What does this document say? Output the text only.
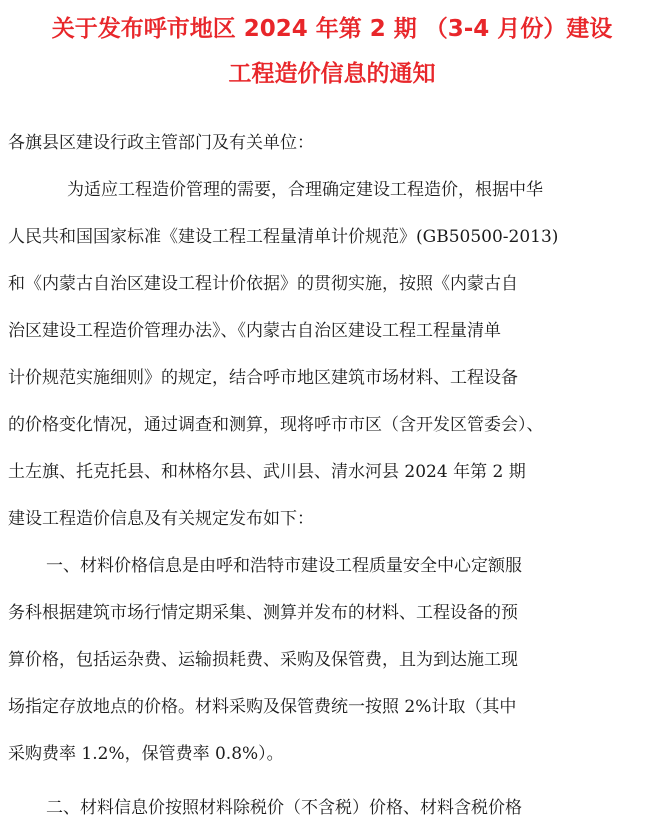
关于发布呼市地区 2024 年第 2 期 （3-4 月份）建设
工程造价信息的通知
各旗县区建设行政主管部门及有关单位：
为适应工程造价管理的需要，合理确定建设工程造价，根据中华
人民共和国国家标准《建设工程工程量清单计价规范》(GB50500-2013)
和《内蒙古自治区建设工程计价依据》的贯彻实施，按照《内蒙古自
治区建设工程造价管理办法》、《内蒙古自治区建设工程工程量清单
计价规范实施细则》的规定，结合呼市地区建筑市场材料、工程设备
的价格变化情况，通过调查和测算，现将呼市市区（含开发区管委会）、
土左旗、托克托县、和林格尔县、武川县、清水河县 2024 年第 2 期
建设工程造价信息及有关规定发布如下：
一、材料价格信息是由呼和浩特市建设工程质量安全中心定额服
务科根据建筑市场行情定期采集、测算并发布的材料、工程设备的预
算价格，包括运杂费、运输损耗费、采购及保管费，且为到达施工现
场指定存放地点的价格。材料采购及保管费统一按照 2%计取（其中
采购费率 1.2%，保管费率 0.8%）。
二、材料信息价按照材料除税价（不含税）价格、材料含税价格
